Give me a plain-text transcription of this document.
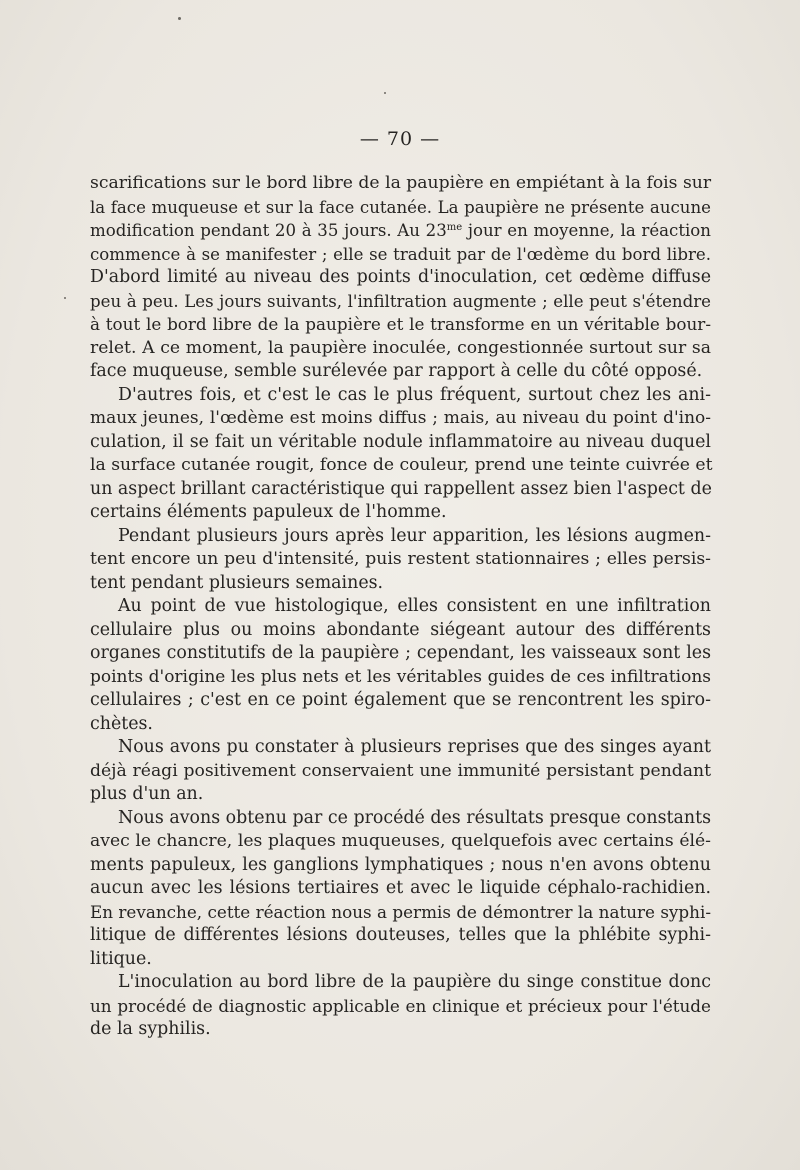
— 70 —
scarifications sur le bord libre de la paupière en empiétant à la fois sur
la face muqueuse et sur la face cutanée. La paupière ne présente aucune
modification pendant 20 à 35 jours. Au $23^{me}$ jour en moyenne, la réaction
commence à se manifester ; elle se traduit par de l'œdème du bord libre.
D'abord limité au niveau des points d'inoculation, cet œdème diffuse
peu à peu. Les jours suivants, l'infiltration augmente ; elle peut s'étendre
à tout le bord libre de la paupière et le transforme en un véritable bour-
relet. A ce moment, la paupière inoculée, congestionnée surtout sur sa
face muqueuse, semble surélevée par rapport à celle du côté opposé.
D'autres fois, et c'est le cas le plus fréquent, surtout chez les ani-
maux jeunes, l'œdème est moins diffus ; mais, au niveau du point d'ino-
culation, il se fait un véritable nodule inflammatoire au niveau duquel
la surface cutanée rougit, fonce de couleur, prend une teinte cuivrée et
un aspect brillant caractéristique qui rappellent assez bien l'aspect de
certains éléments papuleux de l'homme.
Pendant plusieurs jours après leur apparition, les lésions augmen-
tent encore un peu d'intensité, puis restent stationnaires ; elles persis-
tent pendant plusieurs semaines.
Au point de vue histologique, elles consistent en une infiltration
cellulaire plus ou moins abondante siégeant autour des différents
organes constitutifs de la paupière ; cependant, les vaisseaux sont les
points d'origine les plus nets et les véritables guides de ces infiltrations
cellulaires ; c'est en ce point également que se rencontrent les spiro-
chètes.
Nous avons pu constater à plusieurs reprises que des singes ayant
déjà réagi positivement conservaient une immunité persistant pendant
plus d'un an.
Nous avons obtenu par ce procédé des résultats presque constants
avec le chancre, les plaques muqueuses, quelquefois avec certains élé-
ments papuleux, les ganglions lymphatiques ; nous n'en avons obtenu
aucun avec les lésions tertiaires et avec le liquide céphalo-rachidien.
En revanche, cette réaction nous a permis de démontrer la nature syphi-
litique de différentes lésions douteuses, telles que la phlébite syphi-
litique.
L'inoculation au bord libre de la paupière du singe constitue donc
un procédé de diagnostic applicable en clinique et précieux pour l'étude
de la syphilis.
